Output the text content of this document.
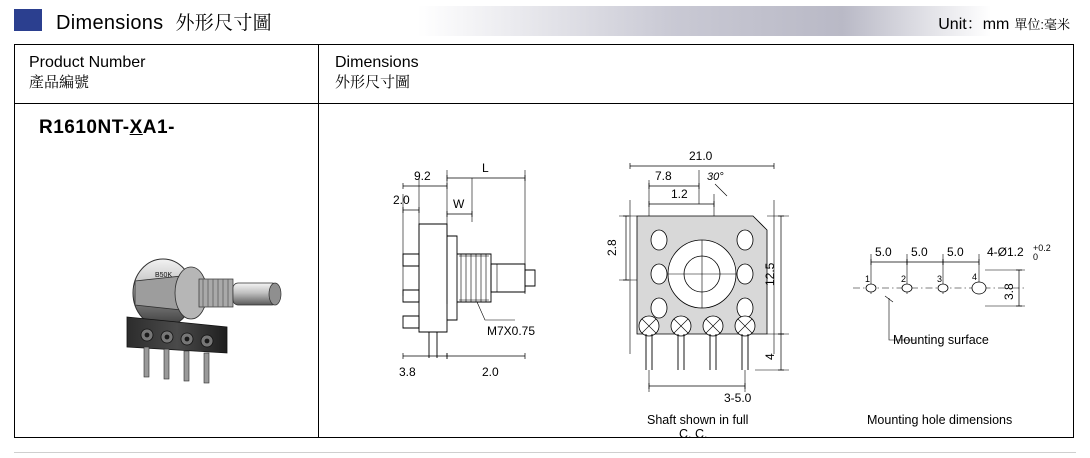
Dimensions 外形尺寸圖	Unit：mm 單位:毫米
Product Number
產品編號
Dimensions
外形尺寸圖
R1610NT-XA1-
B50K
9.2
L
2.0	W
M7X0.75
3.8	2.0
21.0
7.8	30°
1.2
2.8
12.5
4
3-5.0
Shaft shown in full
C. C.
5.0 5.0 5.0 4-Ø1.2 +0.2
0
1	2	3	4
3.8
Mounting surface
Mounting hole dimensions
